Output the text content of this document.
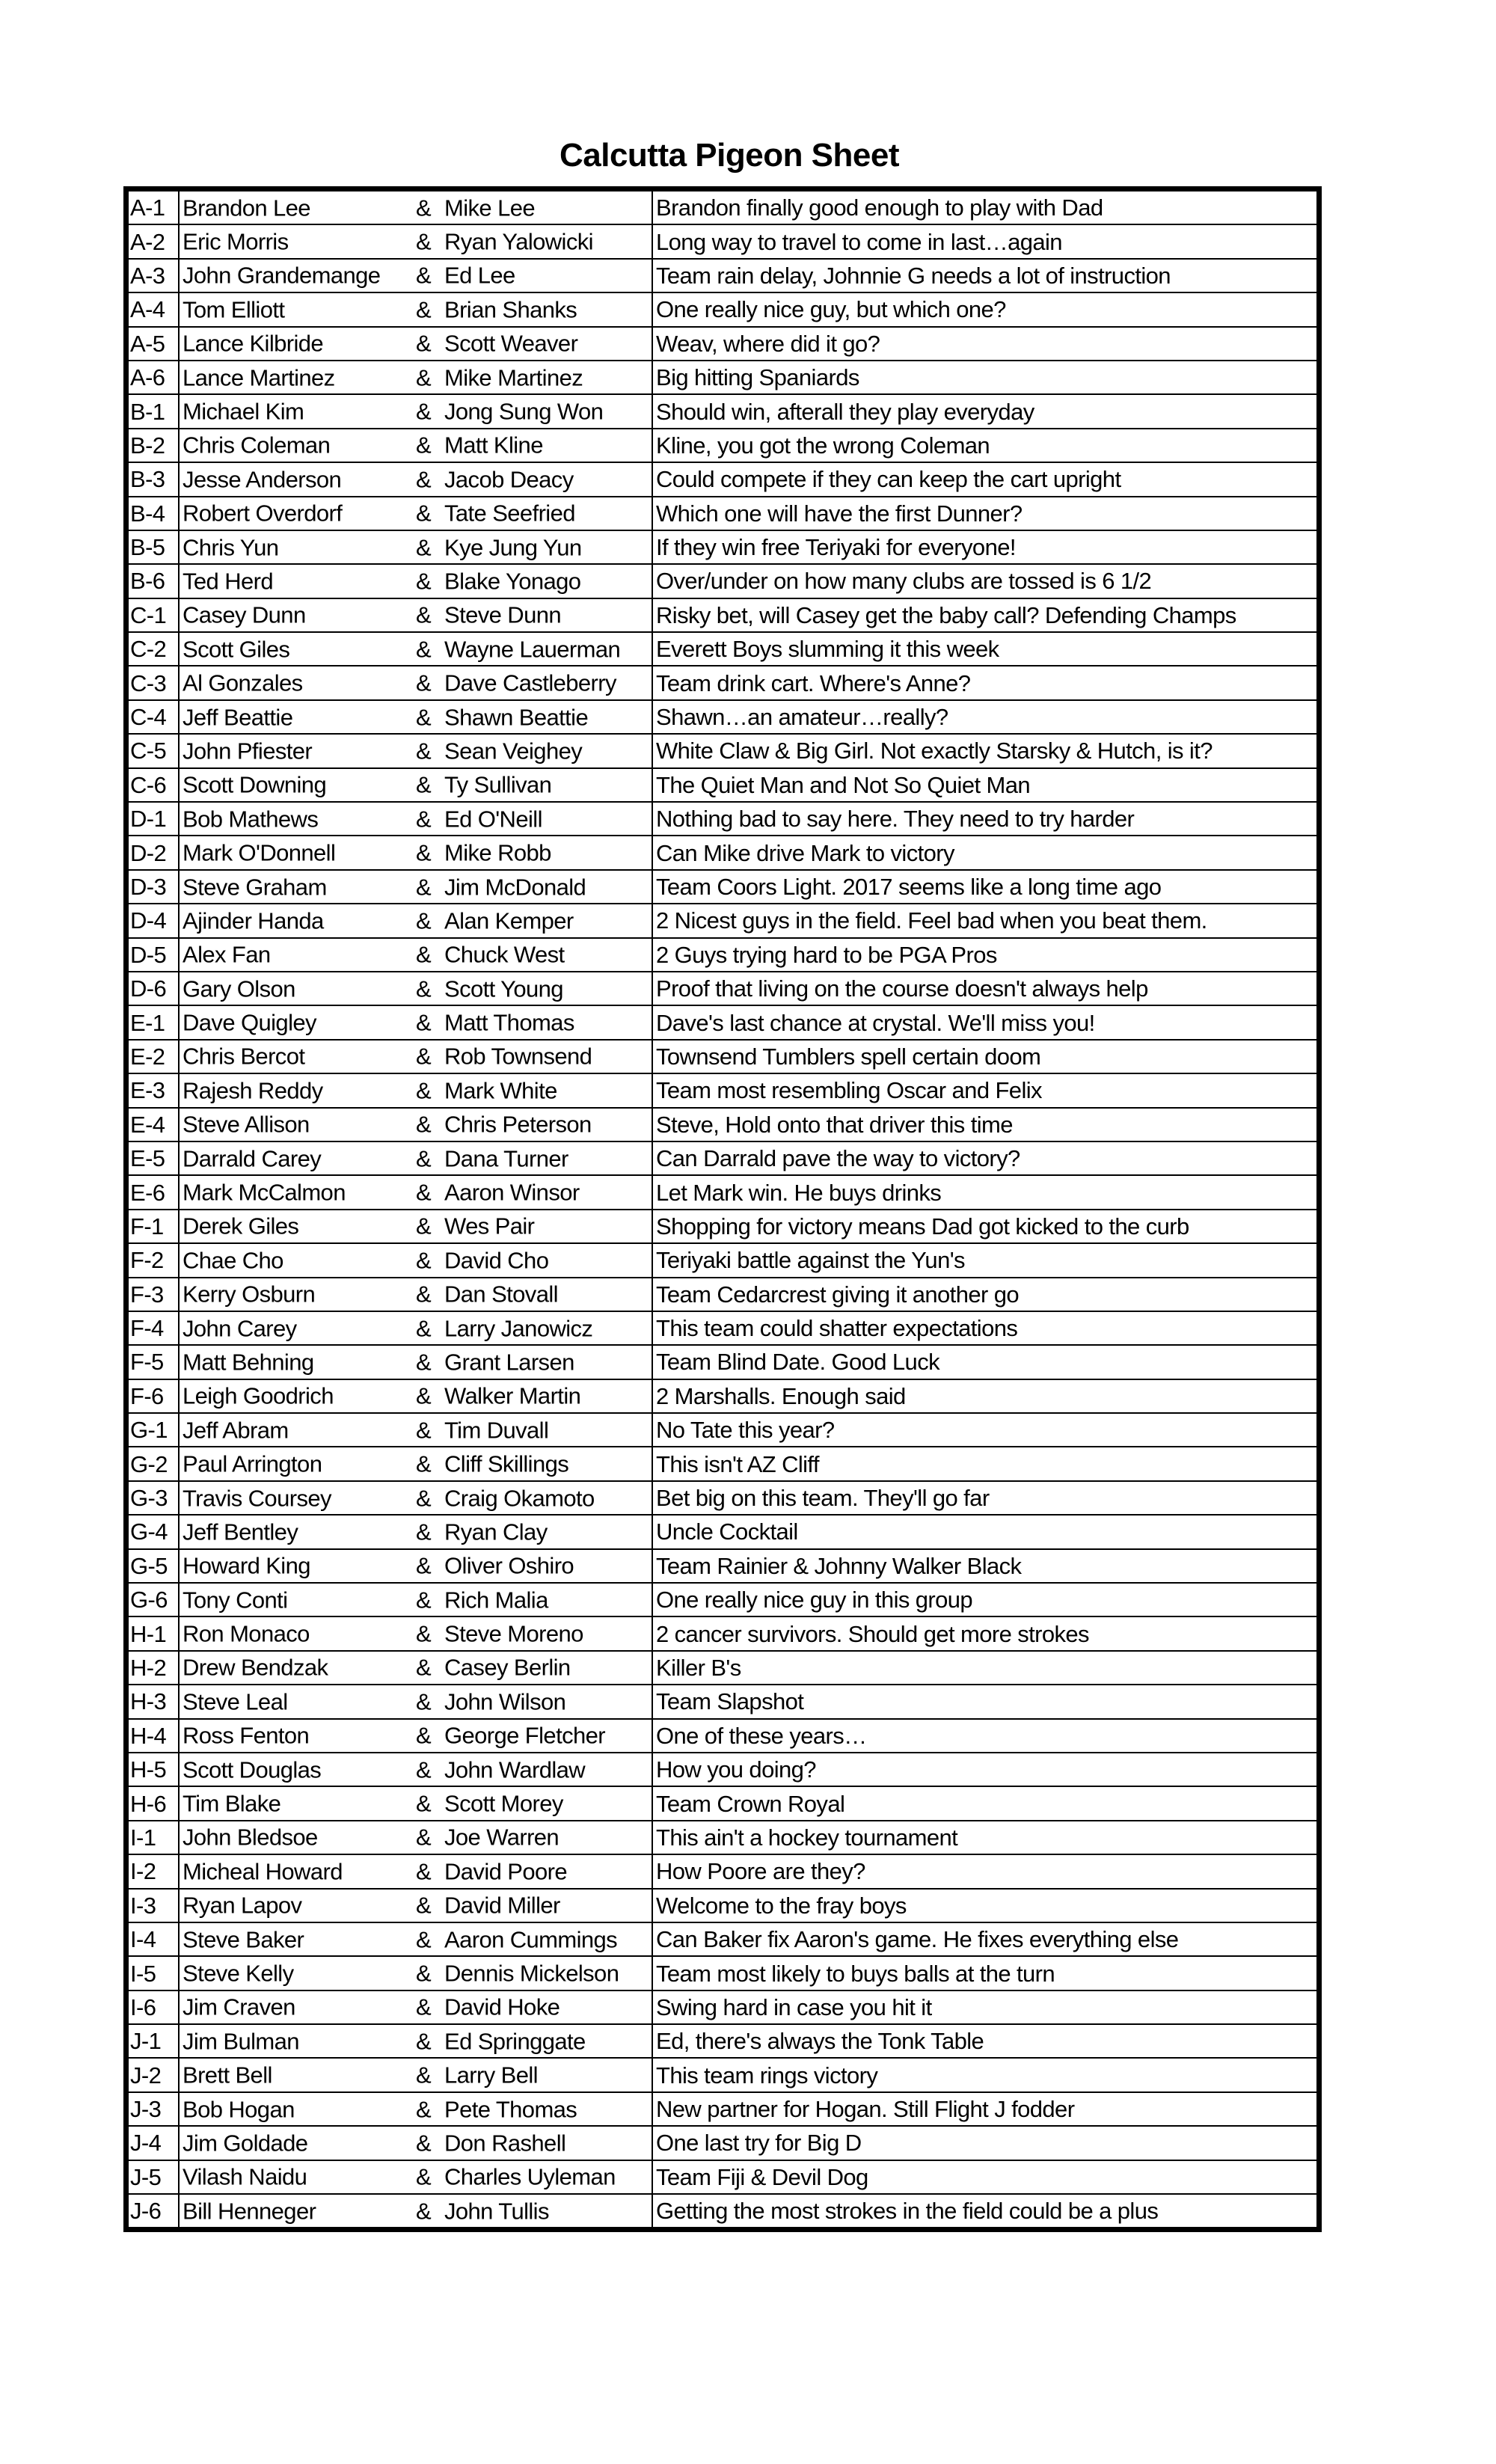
Calcutta Pigeon Sheet
A-1	Brandon Lee & Mike Lee	Brandon finally good enough to play with Dad
A-2	Eric Morris & Ryan Yalowicki	Long way to travel to come in last…again
A-3	John Grandemange & Ed Lee	Team rain delay, Johnnie G needs a lot of instruction
A-4	Tom Elliott & Brian Shanks	One really nice guy, but which one?
A-5	Lance Kilbride & Scott Weaver	Weav, where did it go?
A-6	Lance Martinez & Mike Martinez	Big hitting Spaniards
B-1	Michael Kim & Jong Sung Won	Should win, afterall they play everyday
B-2	Chris Coleman & Matt Kline	Kline, you got the wrong Coleman
B-3	Jesse Anderson & Jacob Deacy	Could compete if they can keep the cart upright
B-4	Robert Overdorf & Tate Seefried	Which one will have the first Dunner?
B-5	Chris Yun & Kye Jung Yun	If they win free Teriyaki for everyone!
B-6	Ted Herd & Blake Yonago	Over/under on how many clubs are tossed is 6 1/2
C-1	Casey Dunn & Steve Dunn	Risky bet, will Casey get the baby call? Defending Champs
C-2	Scott Giles & Wayne Lauerman	Everett Boys slumming it this week
C-3	Al Gonzales & Dave Castleberry	Team drink cart. Where's Anne?
C-4	Jeff Beattie & Shawn Beattie	Shawn…an amateur…really?
C-5	John Pfiester & Sean Veighey	White Claw & Big Girl. Not exactly Starsky & Hutch, is it?
C-6	Scott Downing & Ty Sullivan	The Quiet Man and Not So Quiet Man
D-1	Bob Mathews & Ed O'Neill	Nothing bad to say here. They need to try harder
D-2	Mark O'Donnell & Mike Robb	Can Mike drive Mark to victory
D-3	Steve Graham & Jim McDonald	Team Coors Light. 2017 seems like a long time ago
D-4	Ajinder Handa & Alan Kemper	2 Nicest guys in the field. Feel bad when you beat them.
D-5	Alex Fan & Chuck West	2 Guys trying hard to be PGA Pros
D-6	Gary Olson & Scott Young	Proof that living on the course doesn't always help
E-1	Dave Quigley & Matt Thomas	Dave's last chance at crystal. We'll miss you!
E-2	Chris Bercot & Rob Townsend	Townsend Tumblers spell certain doom
E-3	Rajesh Reddy & Mark White	Team most resembling Oscar and Felix
E-4	Steve Allison & Chris Peterson	Steve, Hold onto that driver this time
E-5	Darrald Carey & Dana Turner	Can Darrald pave the way to victory?
E-6	Mark McCalmon & Aaron Winsor	Let Mark win. He buys drinks
F-1	Derek Giles & Wes Pair	Shopping for victory means Dad got kicked to the curb
F-2	Chae Cho & David Cho	Teriyaki battle against the Yun's
F-3	Kerry Osburn & Dan Stovall	Team Cedarcrest giving it another go
F-4	John Carey & Larry Janowicz	This team could shatter expectations
F-5	Matt Behning & Grant Larsen	Team Blind Date. Good Luck
F-6	Leigh Goodrich & Walker Martin	2 Marshalls. Enough said
G-1	Jeff Abram & Tim Duvall	No Tate this year?
G-2	Paul Arrington & Cliff Skillings	This isn't AZ Cliff
G-3	Travis Coursey & Craig Okamoto	Bet big on this team. They'll go far
G-4	Jeff Bentley & Ryan Clay	Uncle Cocktail
G-5	Howard King & Oliver Oshiro	Team Rainier & Johnny Walker Black
G-6	Tony Conti & Rich Malia	One really nice guy in this group
H-1	Ron Monaco & Steve Moreno	2 cancer survivors. Should get more strokes
H-2	Drew Bendzak & Casey Berlin	Killer B's
H-3	Steve Leal & John Wilson	Team Slapshot
H-4	Ross Fenton & George Fletcher	One of these years…
H-5	Scott Douglas & John Wardlaw	How you doing?
H-6	Tim Blake & Scott Morey	Team Crown Royal
I-1	John Bledsoe & Joe Warren	This ain't a hockey tournament
I-2	Micheal Howard & David Poore	How Poore are they?
I-3	Ryan Lapov & David Miller	Welcome to the fray boys
I-4	Steve Baker & Aaron Cummings	Can Baker fix Aaron's game. He fixes everything else
I-5	Steve Kelly & Dennis Mickelson	Team most likely to buys balls at the turn
I-6	Jim Craven & David Hoke	Swing hard in case you hit it
J-1	Jim Bulman & Ed Springgate	Ed, there's always the Tonk Table
J-2	Brett Bell & Larry Bell	This team rings victory
J-3	Bob Hogan & Pete Thomas	New partner for Hogan. Still Flight J fodder
J-4	Jim Goldade & Don Rashell	One last try for Big D
J-5	Vilash Naidu & Charles Uyleman	Team Fiji & Devil Dog
J-6	Bill Henneger & John Tullis	Getting the most strokes in the field could be a plus
